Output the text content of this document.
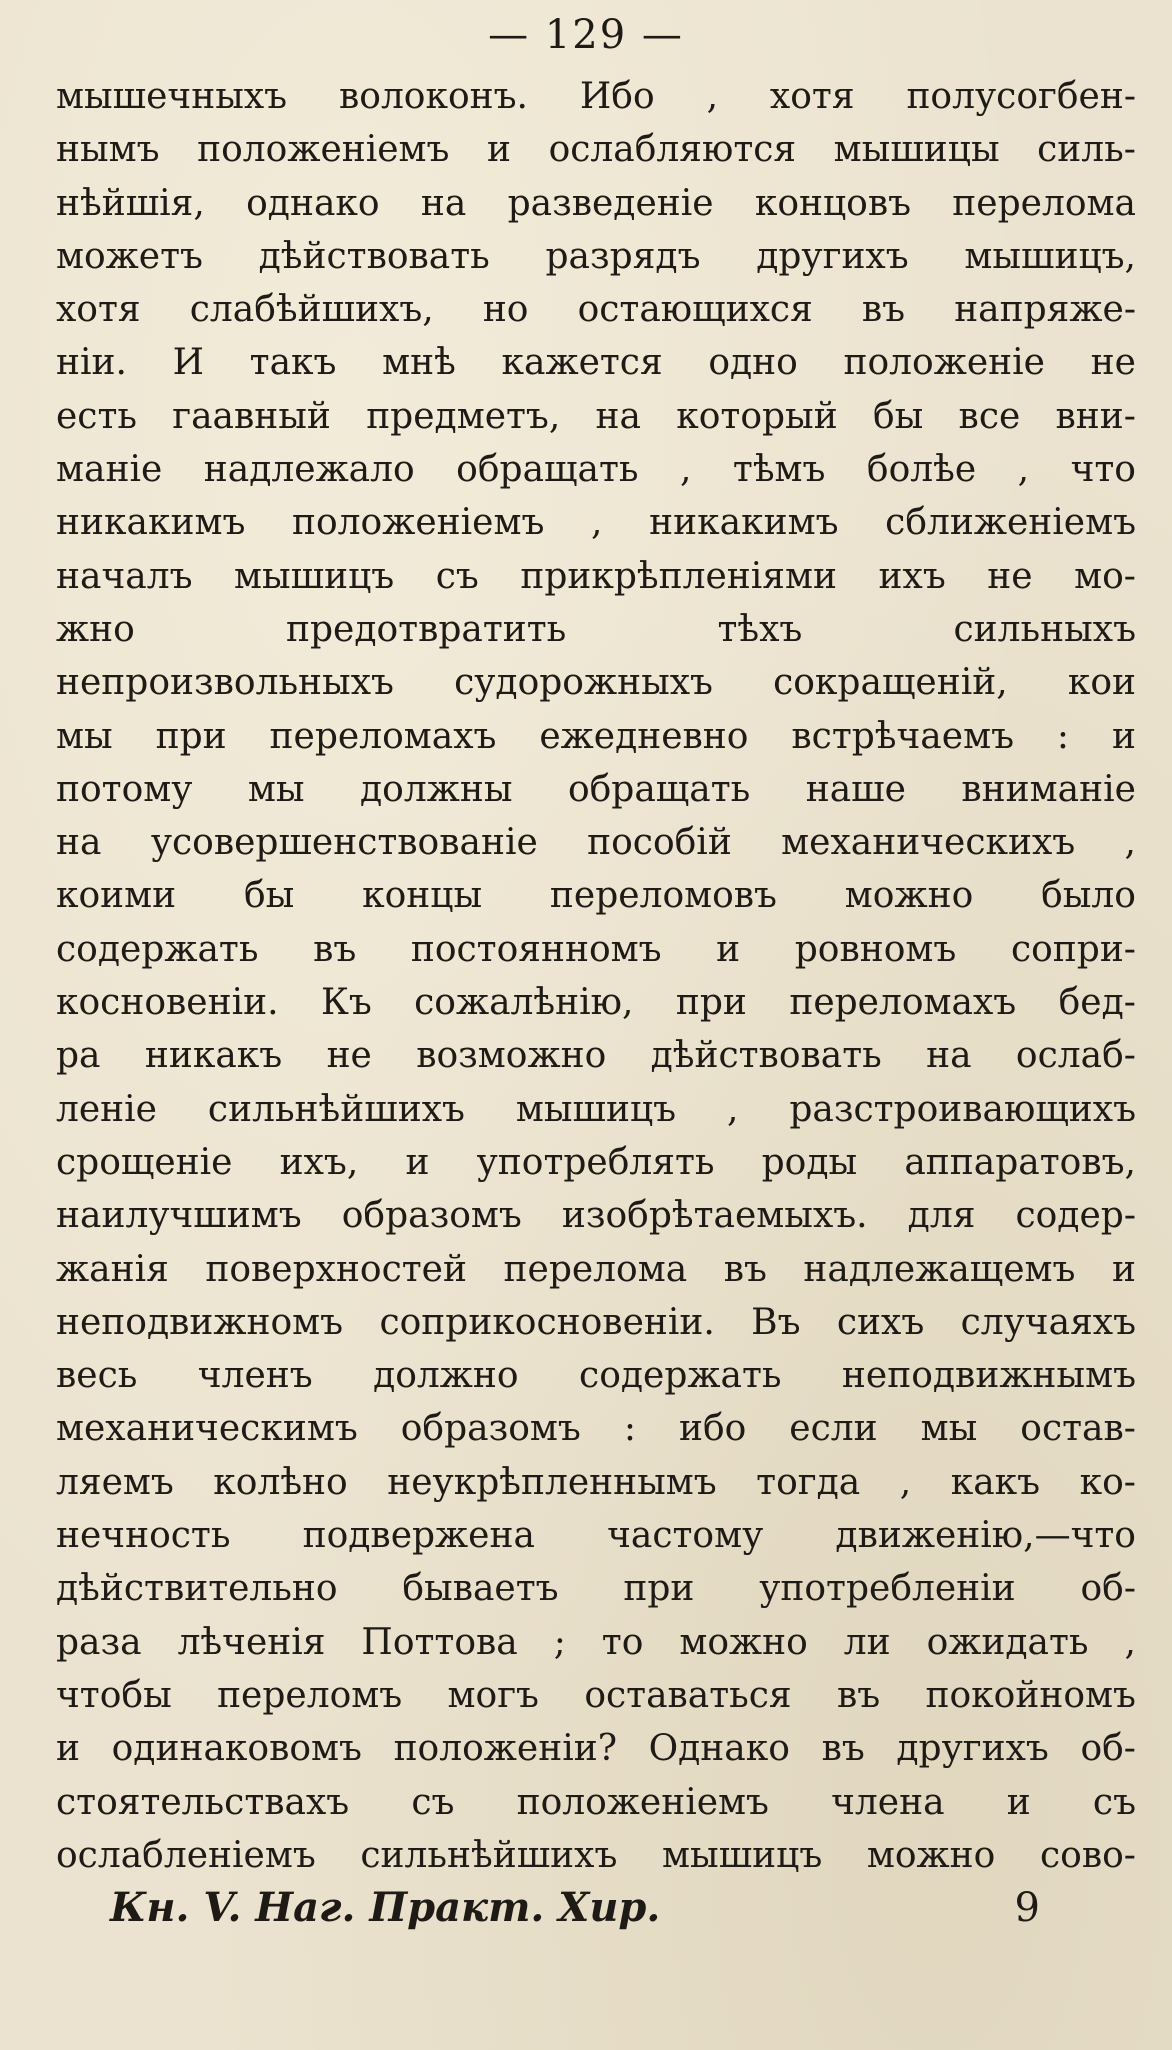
— 129 —
мышечныхъ волоконъ. Ибо , хотя полусогбен-
нымъ положеніемъ и ослабляются мышицы силь-
нѣйшія, однако на разведеніе концовъ перелома
можетъ дѣйствовать разрядъ другихъ мышицъ,
хотя слабѣйшихъ, но остающихся въ напряже-
ніи. И такъ мнѣ кажется одно положеніе не
есть гаавный предметъ, на который бы все вни-
маніе надлежало обращать , тѣмъ болѣе , что
никакимъ положеніемъ , никакимъ сближеніемъ
началъ мышицъ съ прикрѣпленіями ихъ не мо-
жно	предотвратить	тѣхъ	сильныхъ
непроизвольныхъ судорожныхъ сокращеній, кои
мы при переломахъ ежедневно встрѣчаемъ : и
потому мы должны обращать наше вниманіе
на усовершенствованіе пособій механическихъ ,
коими бы концы переломовъ можно было
содержать въ постоянномъ и ровномъ сопри-
косновеніи. Къ сожалѣнію, при переломахъ бед-
ра никакъ не возможно дѣйствовать на ослаб-
леніе сильнѣйшихъ мышицъ , разстроивающихъ
срощеніе ихъ, и употреблять роды аппаратовъ,
наилучшимъ образомъ изобрѣтаемыхъ. для содер-
жанія поверхностей перелома въ надлежащемъ и
неподвижномъ соприкосновеніи. Въ сихъ случаяхъ
весь членъ должно содержать неподвижнымъ
механическимъ образомъ : ибо если мы остав-
ляемъ колѣно неукрѣпленнымъ тогда , какъ ко-
нечность подвержена частому движенію,—что
дѣйствительно бываетъ при употребленіи об-
раза лѣченія Поттова ; то можно ли ожидать ,
чтобы переломъ могъ оставаться въ покойномъ
и одинаковомъ положеніи? Однако въ другихъ об-
стоятельствахъ съ положеніемъ члена и съ
ослабленіемъ сильнѣйшихъ мышицъ можно сово-
Кн. V. Наг. Практ. Хир.	9
